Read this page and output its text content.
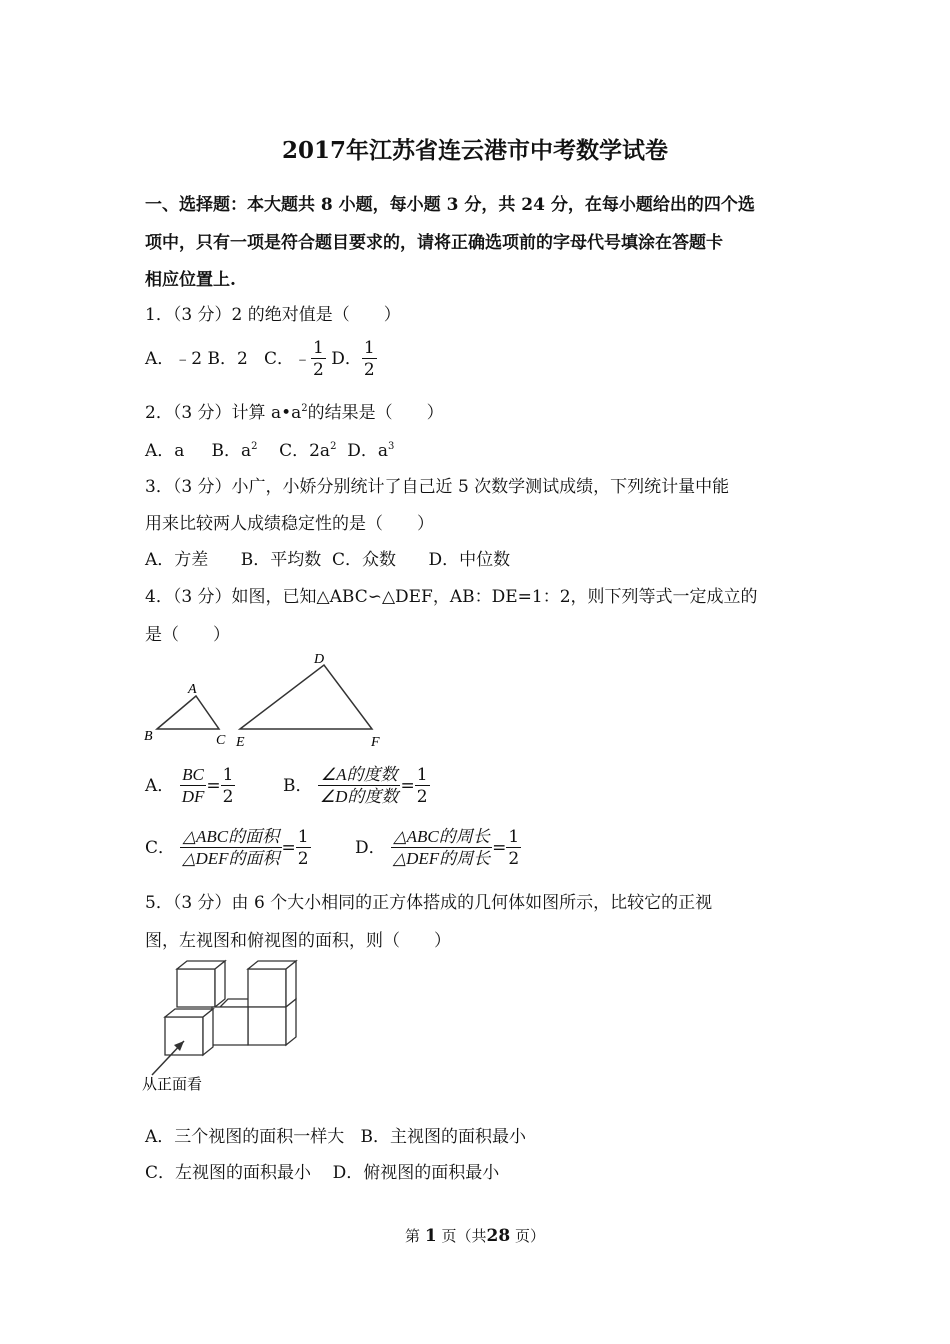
2017年江苏省连云港市中考数学试卷
一、选择题：本大题共 8 小题，每小题 3 分，共 24 分，在每小题给出的四个选
项中，只有一项是符合题目要求的，请将正确选项前的字母代号填涂在答题卡
相应位置上.
1．（3 分）2 的绝对值是（　　）
A．﹣2 B．2 C．﹣ $\frac{1}{2}$ D． $\frac{1}{2}$
2．（3 分）计算 $a•a^2$的结果是（　　）
A．a B．$a^2$ C．$2a^2$ D．$a^3$
3．（3 分）小广，小娇分别统计了自己近 5 次数学测试成绩，下列统计量中能
用来比较两人成绩稳定性的是（　　）
A．方差 B．平均数 C．众数 D．中位数
4．（3 分）如图，已知△ABC∽△DEF，AB：DE=1：2，则下列等式一定成立的
是（　　）
A
B	C
D
E	F
A． $\frac{BC}{DF} = \frac{1}{2}$	B． $\frac{\text{∠A的度数}}{\text{∠D的度数}} = \frac{1}{2}$
C． $\frac{\text{△ABC的面积}}{\text{△DEF的面积}} = \frac{1}{2}$	D． $\frac{\text{△ABC的周长}}{\text{△DEF的周长}} = \frac{1}{2}$
5．（3 分）由 6 个大小相同的正方体搭成的几何体如图所示，比较它的正视
图，左视图和俯视图的面积，则（　　）
从正面看
A．三个视图的面积一样大 B．主视图的面积最小
C．左视图的面积最小 D．俯视图的面积最小
第 1 页（共28 页）
